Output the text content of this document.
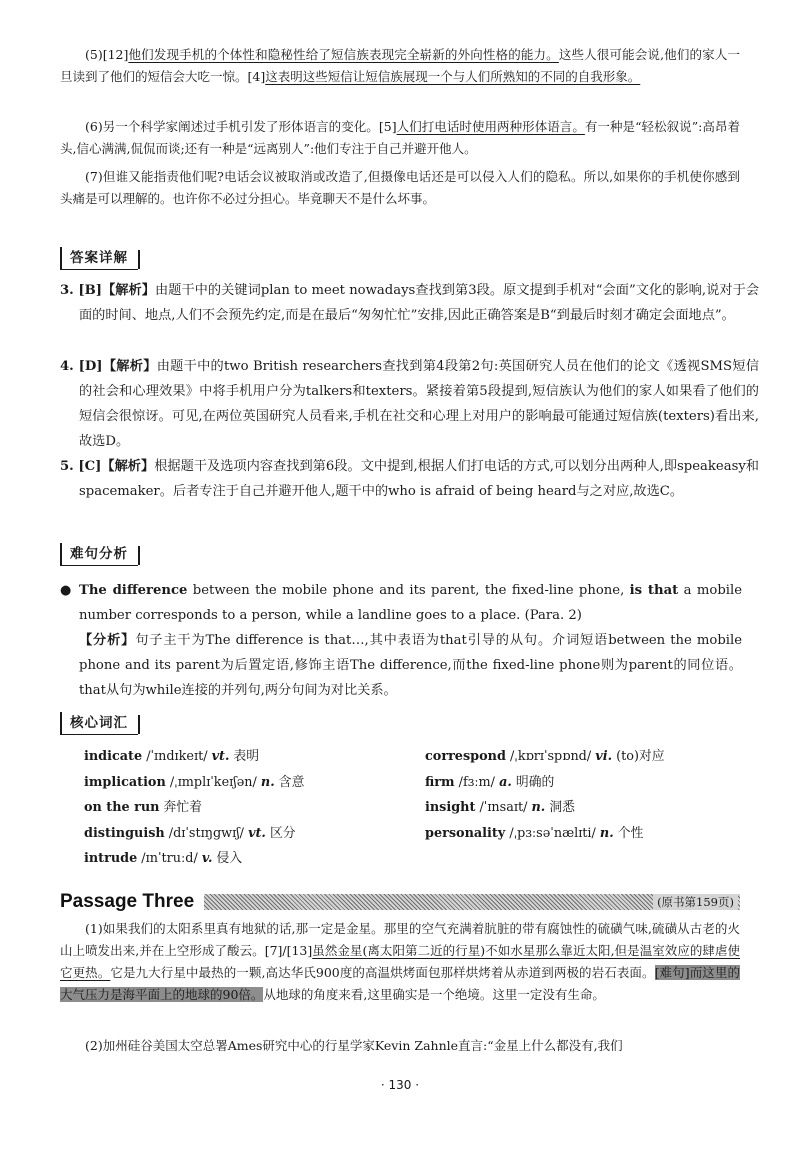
(5)[12]他们发现手机的个体性和隐秘性给了短信族表现完全崭新的外向性格的能力。这些人很可能会说,他们的家人一旦读到了他们的短信会大吃一惊。[4]这表明这些短信让短信族展现一个与人们所熟知的不同的自我形象。

(6)另一个科学家阐述过手机引发了形体语言的变化。[5]人们打电话时使用两种形体语言。有一种是“轻松叙说”:高昂着头,信心满满,侃侃而谈;还有一种是“远离别人”:他们专注于自己并避开他人。

(7)但谁又能指责他们呢?电话会议被取消或改造了,但摄像电话还是可以侵入人们的隐私。所以,如果你的手机使你感到头痛是可以理解的。也许你不必过分担心。毕竟聊天不是什么坏事。

答案详解

3. [B]【解析】由题干中的关键词plan to meet nowadays查找到第3段。原文提到手机对“会面”文化的影响,说对于会面的时间、地点,人们不会预先约定,而是在最后“匆匆忙忙”安排,因此正确答案是B“到最后时刻才确定会面地点”。

4. [D]【解析】由题干中的two British researchers查找到第4段第2句:英国研究人员在他们的论文《透视SMS短信的社会和心理效果》中将手机用户分为talkers和texters。紧接着第5段提到,短信族认为他们的家人如果看了他们的短信会很惊讶。可见,在两位英国研究人员看来,手机在社交和心理上对用户的影响最可能通过短信族(texters)看出来,故选D。

5. [C]【解析】根据题干及选项内容查找到第6段。文中提到,根据人们打电话的方式,可以划分出两种人,即speakeasy和spacemaker。后者专注于自己并避开他人,题干中的who is afraid of being heard与之对应,故选C。

难句分析
● The difference between the mobile phone and its parent, the fixed-line phone, is that a mobile number corresponds to a person, while a landline goes to a place. (Para. 2)
【分析】句子主干为The difference is that…,其中表语为that引导的从句。介词短语between the mobile phone and its parent为后置定语,修饰主语The difference,而the fixed-line phone则为parent的同位语。that从句为while连接的并列句,两分句间为对比关系。
核心词汇
indicate /ˈɪndɪkeɪt/ vt. 表明
implication /ˌɪmplɪˈkeɪʃən/ n. 含意
on the run 奔忙着
distinguish /dɪˈstɪŋgwɪʃ/ vt. 区分
intrude /ɪnˈtruːd/ v. 侵入
correspond /ˌkɒrɪˈspɒnd/ vi. (to)对应
firm /fɜːm/ a. 明确的
insight /ˈɪnsaɪt/ n. 洞悉
personality /ˌpɜːsəˈnælɪti/ n. 个性
Passage Three	(原书第159页)

(1)如果我们的太阳系里真有地狱的话,那一定是金星。那里的空气充满着肮脏的带有腐蚀性的硫磺气味,硫磺从古老的火山上喷发出来,并在上空形成了酸云。[7]/[13]虽然金星(离太阳第二近的行星)不如水星那么靠近太阳,但是温室效应的肆虐使它更热。它是九大行星中最热的一颗,高达华氏900度的高温烘烤面包那样烘烤着从赤道到两极的岩石表面。[难句]而这里的大气压力是海平面上的地球的90倍。从地球的角度来看,这里确实是一个绝境。这里一定没有生命。

(2)加州硅谷美国太空总署Ames研究中心的行星学家Kevin Zahnle直言:“金星上什么都没有,我们

· 130 ·
